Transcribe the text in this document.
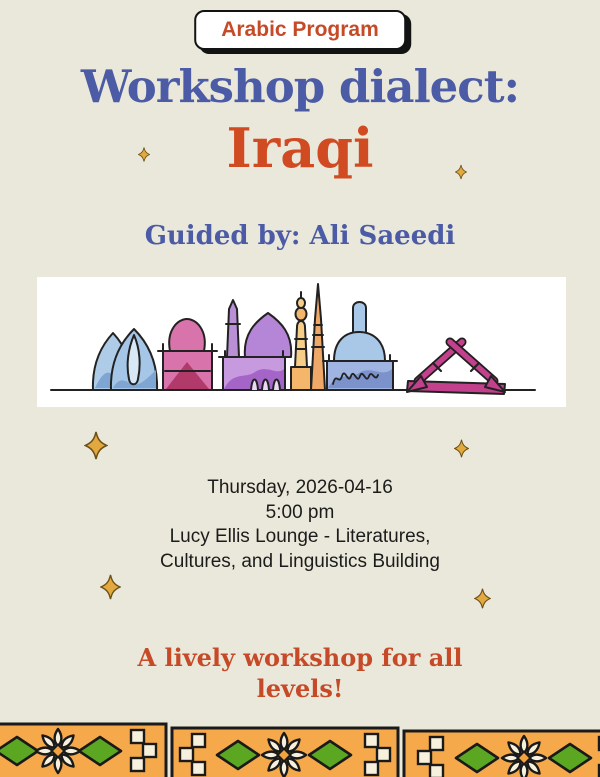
Arabic Program
Workshop dialect:
Iraqi
Guided by: Ali Saeedi
Thursday, 2026-04-16
5:00 pm
Lucy Ellis Lounge - Literatures,
Cultures, and Linguistics Building
A lively workshop for all levels!
